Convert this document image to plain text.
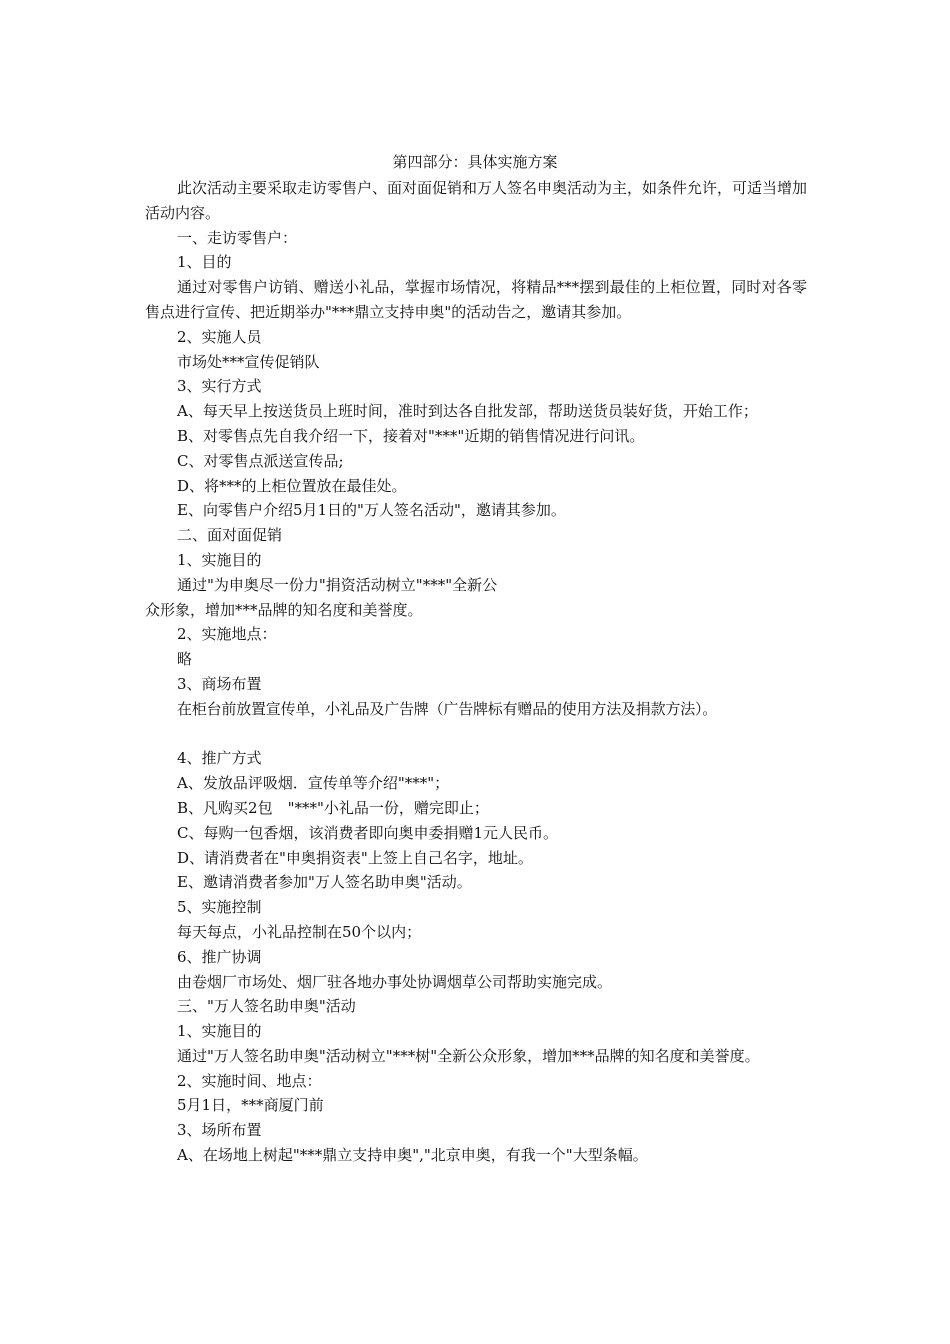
第四部分：具体实施方案

此次活动主要采取走访零售户、面对面促销和万人签名申奥活动为主，如条件允许，可适当增加活动内容。

一、走访零售户：

1、目的

通过对零售户访销、赠送小礼品，掌握市场情况，将精品***摆到最佳的上柜位置，同时对各零售点进行宣传、把近期举办"***鼎立支持申奥"的活动告之，邀请其参加。

2、实施人员

市场处***宣传促销队

3、实行方式

A、每天早上按送货员上班时间，准时到达各自批发部，帮助送货员装好货，开始工作；

B、对零售点先自我介绍一下，接着对"***"近期的销售情况进行问讯。

C、对零售点派送宣传品;

D、将***的上柜位置放在最佳处。

E、向零售户介绍5月1日的"万人签名活动"，邀请其参加。

二、面对面促销

1、实施目的

通过"为申奥尽一份力"捐资活动树立"***"全新公

众形象，增加***品牌的知名度和美誉度。

2、实施地点：

略

3、商场布置

在柜台前放置宣传单，小礼品及广告牌（广告牌标有赠品的使用方法及捐款方法）。

4、推广方式

A、发放品评吸烟．宣传单等介绍"***"；

B、凡购买2包　"***"小礼品一份，赠完即止；

C、每购一包香烟，该消费者即向奥申委捐赠1元人民币。

D、请消费者在"申奥捐资表"上签上自己名字，地址。

E、邀请消费者参加"万人签名助申奥"活动。

5、实施控制

每天每点，小礼品控制在50个以内；

6、推广协调

由卷烟厂市场处、烟厂驻各地办事处协调烟草公司帮助实施完成。

三、"万人签名助申奥"活动

1、实施目的

通过"万人签名助申奥"活动树立"***树"全新公众形象，增加***品牌的知名度和美誉度。

2、实施时间、地点：

5月1日，***商厦门前

3、场所布置

A、在场地上树起"***鼎立支持申奥","北京申奥，有我一个"大型条幅。
